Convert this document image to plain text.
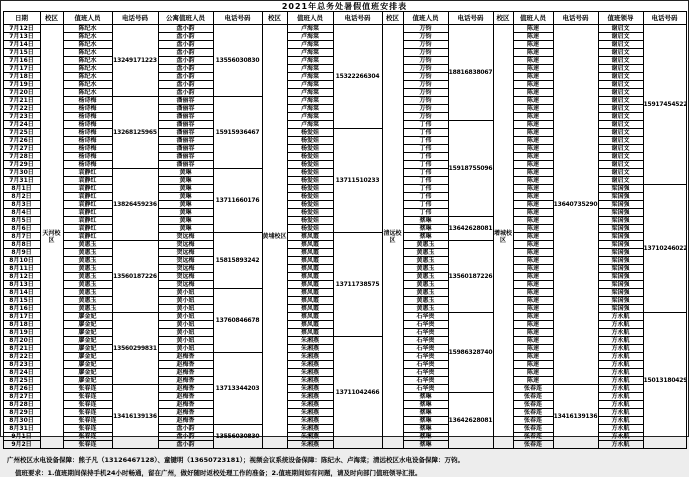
2021年总务处暑假值班安排表
日期	校区	值班人员	电话号码	公寓值班人员	电话号码	校区	值班人员	电话号码	校区	值班人员	电话号码	校区	值班人员	电话号码	值班领导	电话号码
7月12日	天河校区	陈纪水	13249171223	盘小韵	13556030830	黄埔校区	卢海棠	15322266304	清远校区	万钧	18816838067	增城校区	陈速	13640735290	谢启文	15917454522
7月13日		陈纪水		盘小韵			卢海棠			万钧			陈速		谢启文	
7月14日		陈纪水		盘小韵			卢海棠			万钧			陈速		谢启文	
7月15日		陈纪水		盘小韵			卢海棠			万钧			陈速		谢启文	
7月16日		陈纪水		盘小韵			卢海棠			万钧			陈速		谢启文	
7月17日		陈纪水		盘小韵			卢海棠			万钧			陈速		谢启文	
7月18日		陈纪水		盘小韵			卢海棠			万钧			陈速		谢启文	
7月19日		陈纪水		盘小韵			卢海棠			万钧			陈速		谢启文	
7月20日		陈纪水		盘小韵			卢海棠			万钧			陈速		谢启文	
7月21日		杨诗梅	13268125965	潘丽容	15915936467		卢海棠			万钧			陈速		谢启文	
7月22日		杨诗梅		潘丽容			卢海棠			万钧			陈速		谢启文	
7月23日		杨诗梅		潘丽容			卢海棠			万钧			陈速		谢启文	
7月24日		杨诗梅		潘丽容			卢海棠			丁伟	15918755096		陈速		谢启文	
7月25日		杨诗梅		潘丽容			杨爱娃	13711510233		丁伟			陈速		谢启文	
7月26日		杨诗梅		潘丽容			杨爱娃			丁伟			陈速		谢启文	
7月27日		杨诗梅		潘丽容			杨爱娃			丁伟			陈速		谢启文	
7月28日		杨诗梅		潘丽容			杨爱娃			丁伟			陈速		谢启文	
7月29日		杨诗梅		潘丽容			杨爱娃			丁伟			陈速		谢启文	
7月30日		袁静红	13826459236	黄琳	13711660176		杨爱娃			丁伟			陈速		谢启文	
7月31日		袁静红		黄琳			杨爱娃			丁伟			陈速		谢启文	
8月1日		袁静红		黄琳			杨爱娃			丁伟			陈速		梁国强	13710246022
8月2日		袁静红		黄琳			杨爱娃			丁伟			陈速		梁国强	
8月3日		袁静红		黄琳			杨爱娃			丁伟			陈速		梁国强	
8月4日		袁静红		黄琳			杨爱娃			丁伟			陈速		梁国强	
8月5日		袁静红		黄琳			杨爱娃			蔡琳	13642628081		陈速		梁国强	
8月6日		袁静红		黄琳			杨爱娃			蔡琳			陈速		梁国强	
8月7日		袁静红		贺远梅	15815893242		蔡凤霞	13711738575		蔡琳			陈速		梁国强	
8月8日		黄惠玉	13560187226	贺远梅			蔡凤霞			黄惠玉	13560187226		陈速		梁国强	
8月9日		黄惠玉		贺远梅			蔡凤霞			黄惠玉			陈速		梁国强	
8月10日		黄惠玉		贺远梅			蔡凤霞			黄惠玉			陈速		梁国强	
8月11日		黄惠玉		贺远梅			蔡凤霞			黄惠玉			陈速		梁国强	
8月12日		黄惠玉		贺远梅			蔡凤霞			黄惠玉			陈速		梁国强	
8月13日		黄惠玉		贺远梅			蔡凤霞			黄惠玉			陈速		梁国强	
8月14日		黄惠玉		黄小妞	13760846678		蔡凤霞			黄惠玉			陈速		梁国强	
8月15日		黄惠玉		黄小妞			蔡凤霞			黄惠玉			陈速		梁国强	
8月16日		黄惠玉		黄小妞			蔡凤霞			黄惠玉			陈速		梁国强	
8月17日		廖金妃	13560299831	黄小妞			蔡凤霞			石华贵	15986328740		陈速		方永航	15013180429
8月18日		廖金妃		黄小妞			蔡凤霞			石华贵			陈速		方永航	
8月19日		廖金妃		黄小妞			蔡凤霞			石华贵			陈速		方永航	
8月20日		廖金妃		黄小妞			朱湘燕	13711042466		石华贵			陈速		方永航	
8月21日		廖金妃		黄小妞			朱湘燕			石华贵			陈速		方永航	
8月22日		廖金妃		赵梅香	13713344203		朱湘燕			石华贵			陈速		方永航	
8月23日		廖金妃		赵梅香			朱湘燕			石华贵			陈速		方永航	
8月24日		廖金妃		赵梅香			朱湘燕			石华贵			陈速		方永航	
8月25日		廖金妃		赵梅香			朱湘燕			石华贵			陈速		方永航	
8月26日		张春连	13416139136	赵梅香			朱湘燕			石华贵			张春连	13416139136	方永航	
8月27日		张春连		赵梅香			朱湘燕			蔡琳	13642628081		张春连		方永航	
8月28日		张春连		赵梅香			朱湘燕			蔡琳			张春连		方永航	
8月29日		张春连		赵梅香			朱湘燕			蔡琳			张春连		方永航	
8月30日		张春连		赵梅香			朱湘燕			蔡琳			张春连		方永航	
8月31日		张春连		盘小韵	13556030830		朱湘燕			蔡琳			张春连		方永航	
9月1日		张春连		盘小韵			朱湘燕			蔡琳			张春连		方永航	
9月2日		张春连		盘小韵			朱湘燕			蔡琳			张春连		方永航	
广州校区水电设备保障：熊子凡（13126467128）、童键明（13650723181）；视频会议系统设备保障：陈纪水、卢海棠；清远校区水电设备保障：万钧。
值班要求：1.值班期间保持手机24小时畅通，留在广州，做好随时返校处理工作的准备；2.值班期间如有问题，请及时向部门值班领导汇报。
